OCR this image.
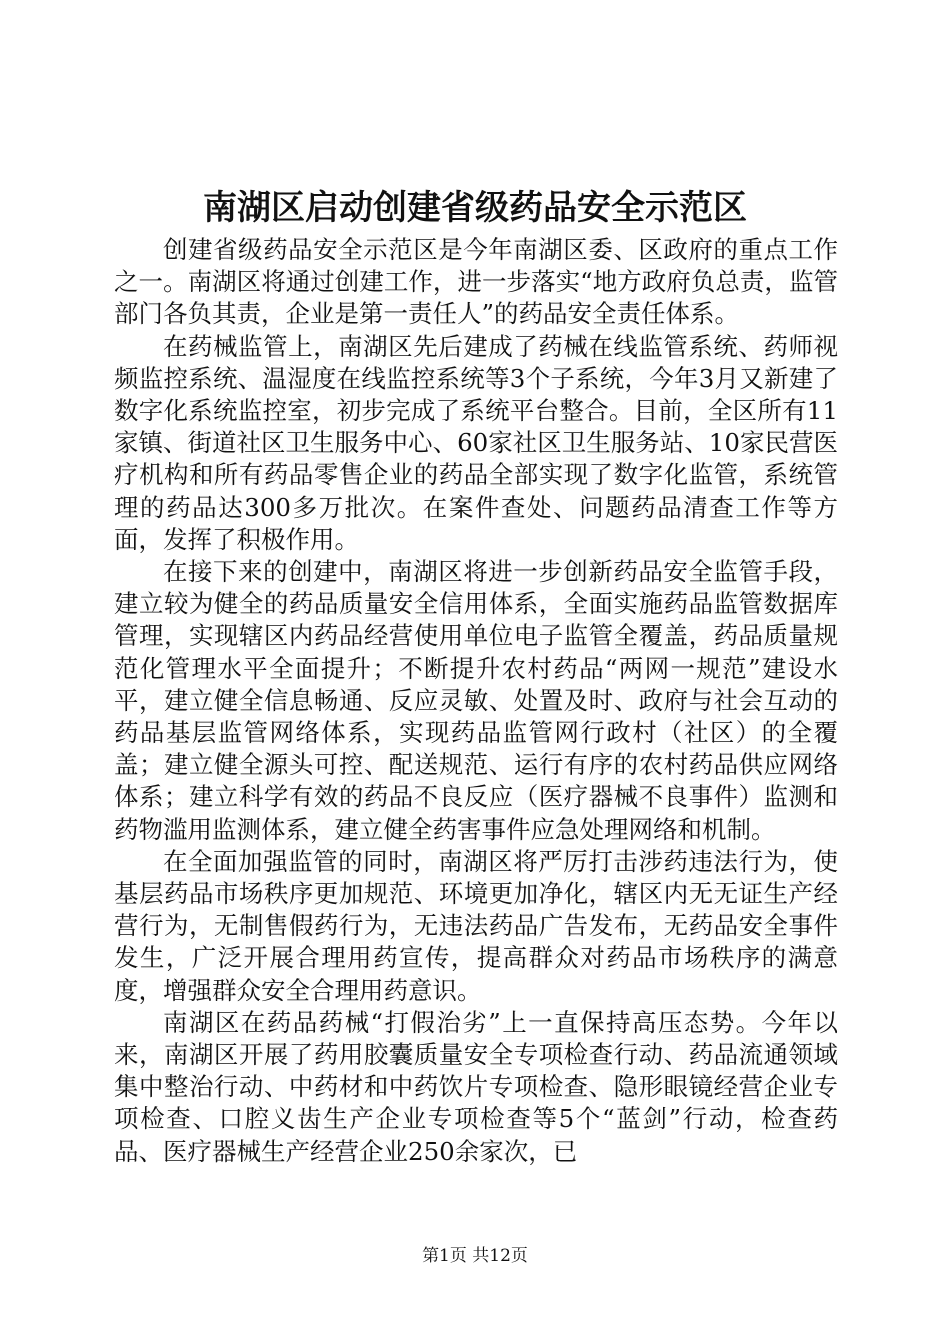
南湖区启动创建省级药品安全示范区

创建省级药品安全示范区是今年南湖区委、区政府的重点工作之一。南湖区将通过创建工作，进一步落实“地方政府负总责，监管部门各负其责，企业是第一责任人”的药品安全责任体系。

在药械监管上，南湖区先后建成了药械在线监管系统、药师视频监控系统、温湿度在线监控系统等3个子系统，今年3月又新建了数字化系统监控室，初步完成了系统平台整合。目前，全区所有11家镇、街道社区卫生服务中心、60家社区卫生服务站、10家民营医疗机构和所有药品零售企业的药品全部实现了数字化监管，系统管理的药品达300多万批次。在案件查处、问题药品清查工作等方面，发挥了积极作用。

在接下来的创建中，南湖区将进一步创新药品安全监管手段，建立较为健全的药品质量安全信用体系，全面实施药品监管数据库管理，实现辖区内药品经营使用单位电子监管全覆盖，药品质量规范化管理水平全面提升；不断提升农村药品“两网一规范”建设水平，建立健全信息畅通、反应灵敏、处置及时、政府与社会互动的药品基层监管网络体系，实现药品监管网行政村（社区）的全覆盖；建立健全源头可控、配送规范、运行有序的农村药品供应网络体系；建立科学有效的药品不良反应（医疗器械不良事件）监测和药物滥用监测体系，建立健全药害事件应急处理网络和机制。

在全面加强监管的同时，南湖区将严厉打击涉药违法行为，使基层药品市场秩序更加规范、环境更加净化，辖区内无无证生产经营行为，无制售假药行为，无违法药品广告发布，无药品安全事件发生，广泛开展合理用药宣传，提高群众对药品市场秩序的满意度，增强群众安全合理用药意识。

南湖区在药品药械“打假治劣”上一直保持高压态势。今年以来，南湖区开展了药用胶囊质量安全专项检查行动、药品流通领域集中整治行动、中药材和中药饮片专项检查、隐形眼镜经营企业专项检查、口腔义齿生产企业专项检查等5个“蓝剑”行动，检查药品、医疗器械生产经营企业250余家次，已

第1页 共12页
